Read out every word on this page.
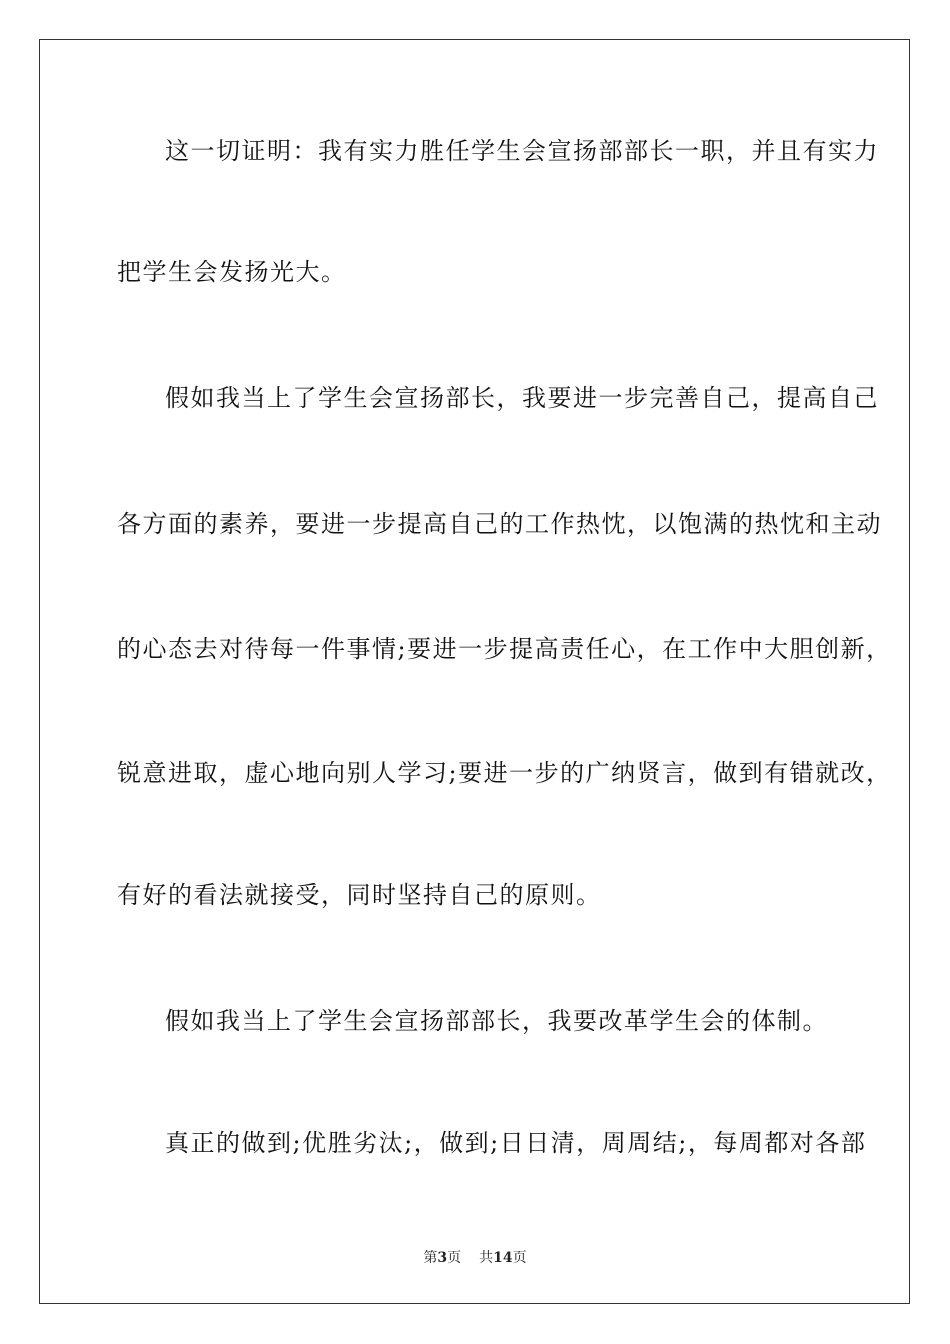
这一切证明：我有实力胜任学生会宣扬部部长一职，并且有实力
把学生会发扬光大。
假如我当上了学生会宣扬部长，我要进一步完善自己，提高自己
各方面的素养，要进一步提高自己的工作热忱，以饱满的热忱和主动
的心态去对待每一件事情;要进一步提高责任心，在工作中大胆创新，
锐意进取，虚心地向别人学习;要进一步的广纳贤言，做到有错就改，
有好的看法就接受，同时坚持自己的原则。
假如我当上了学生会宣扬部部长，我要改革学生会的体制。
真正的做到;优胜劣汰;，做到;日日清，周周结;，每周都对各部
第3页 共14页
